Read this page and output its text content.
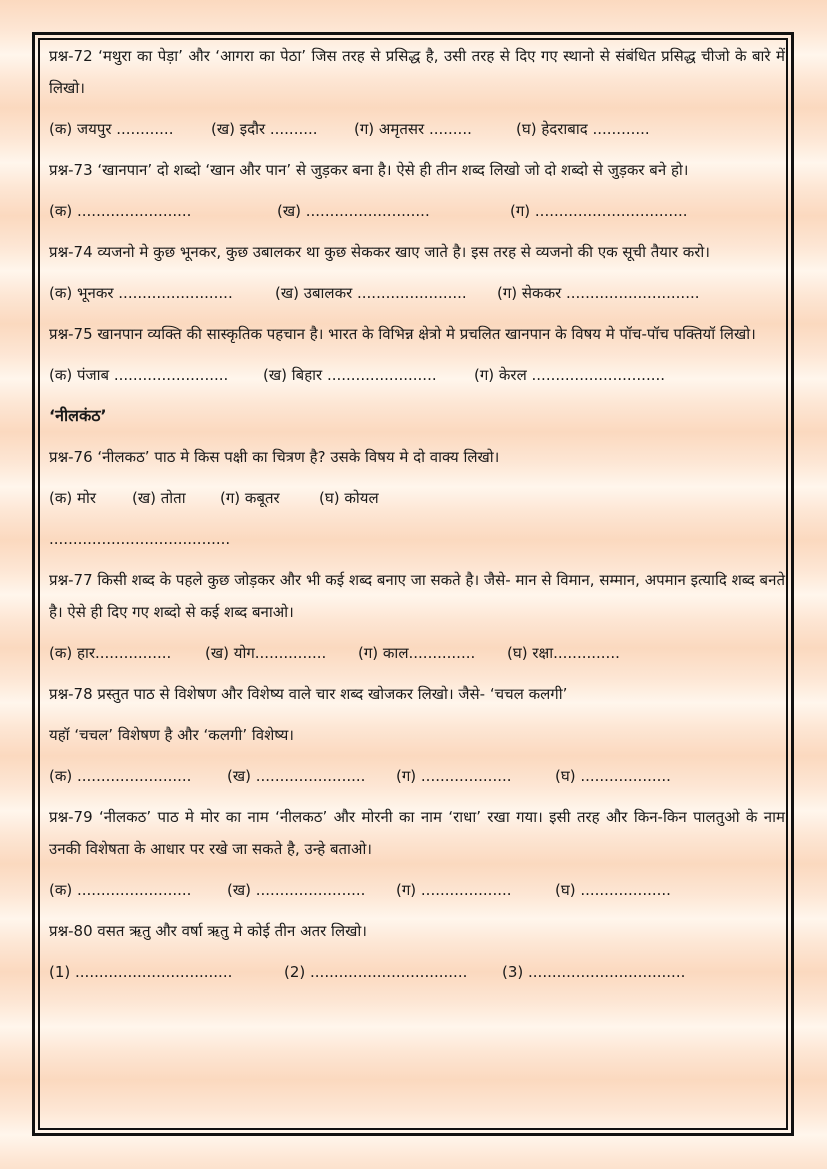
प्रश्न-72 ‘मथुरा का पेड़ा’ और ‘आगरा का पेठा’ जिस तरह से प्रसिद्ध है, उसी तरह से दिए गए स्थानो से संबंधित प्रसिद्ध चीजो के बारे में लिखो।
(क) जयपुर ............	(ख) इदौर .......... (ग) अमृतसर .........	(घ) हेदराबाद ............
प्रश्न-73 ‘खानपान’ दो शब्दो ‘खान और पान’ से जुड़कर बना है। ऐसे ही तीन शब्द लिखो जो दो शब्दो से जुड़कर बने हो।
(क) ........................	(ख) ..........................	(ग) ................................
प्रश्न-74 व्यजनो मे कुछ भूनकर, कुछ उबालकर था कुछ सेककर खाए जाते है। इस तरह से व्यजनो की एक सूची तैयार करो।
(क) भूनकर ........................	(ख) उबालकर ....................... (ग) सेककर ............................
प्रश्न-75 खानपान व्यक्ति की सास्कृतिक पहचान है। भारत के विभिन्न क्षेत्रो मे प्रचलित खानपान के विषय मे पॉच-पॉच पक्तियॉ लिखो।
(क) पंजाब ........................ (ख) बिहार ....................... (ग) केरल ............................
‘नीलकंठ’
प्रश्न-76 ‘नीलकठ’ पाठ मे किस पक्षी का चित्रण है? उसके विषय मे दो वाक्य लिखो।
(क) मोर (ख) तोता (ग) कबूतर	(घ) कोयल
......................................
प्रश्न-77 किसी शब्द के पहले कुछ जोड़कर और भी कई शब्द बनाए जा सकते है। जैसे- मान से विमान, सम्मान, अपमान इत्यादि शब्द बनते है। ऐसे ही दिए गए शब्दो से कई शब्द बनाओ।
(क) हार................ (ख) योग............... (ग) काल.............. (घ) रक्षा..............
प्रश्न-78 प्रस्तुत पाठ से विशेषण और विशेष्य वाले चार शब्द खोजकर लिखो। जैसे- ‘चचल कलगी’
यहॉ ‘चचल’ विशेषण है और ‘कलगी’ विशेष्य।
(क) ........................ (ख) ....................... (ग) ...................	(घ) ...................
प्रश्न-79 ‘नीलकठ’ पाठ मे मोर का नाम ‘नीलकठ’ और मोरनी का नाम ‘राधा’ रखा गया। इसी तरह और किन-किन पालतुओ के नाम उनकी विशेषता के आधार पर रखे जा सकते है, उन्हे बताओ।
(क) ........................ (ख) ....................... (ग) ...................	(घ) ...................
प्रश्न-80 वसत ऋतु और वर्षा ऋतु मे कोई तीन अतर लिखो।
(1) .................................	(2) ................................. (3) .................................
